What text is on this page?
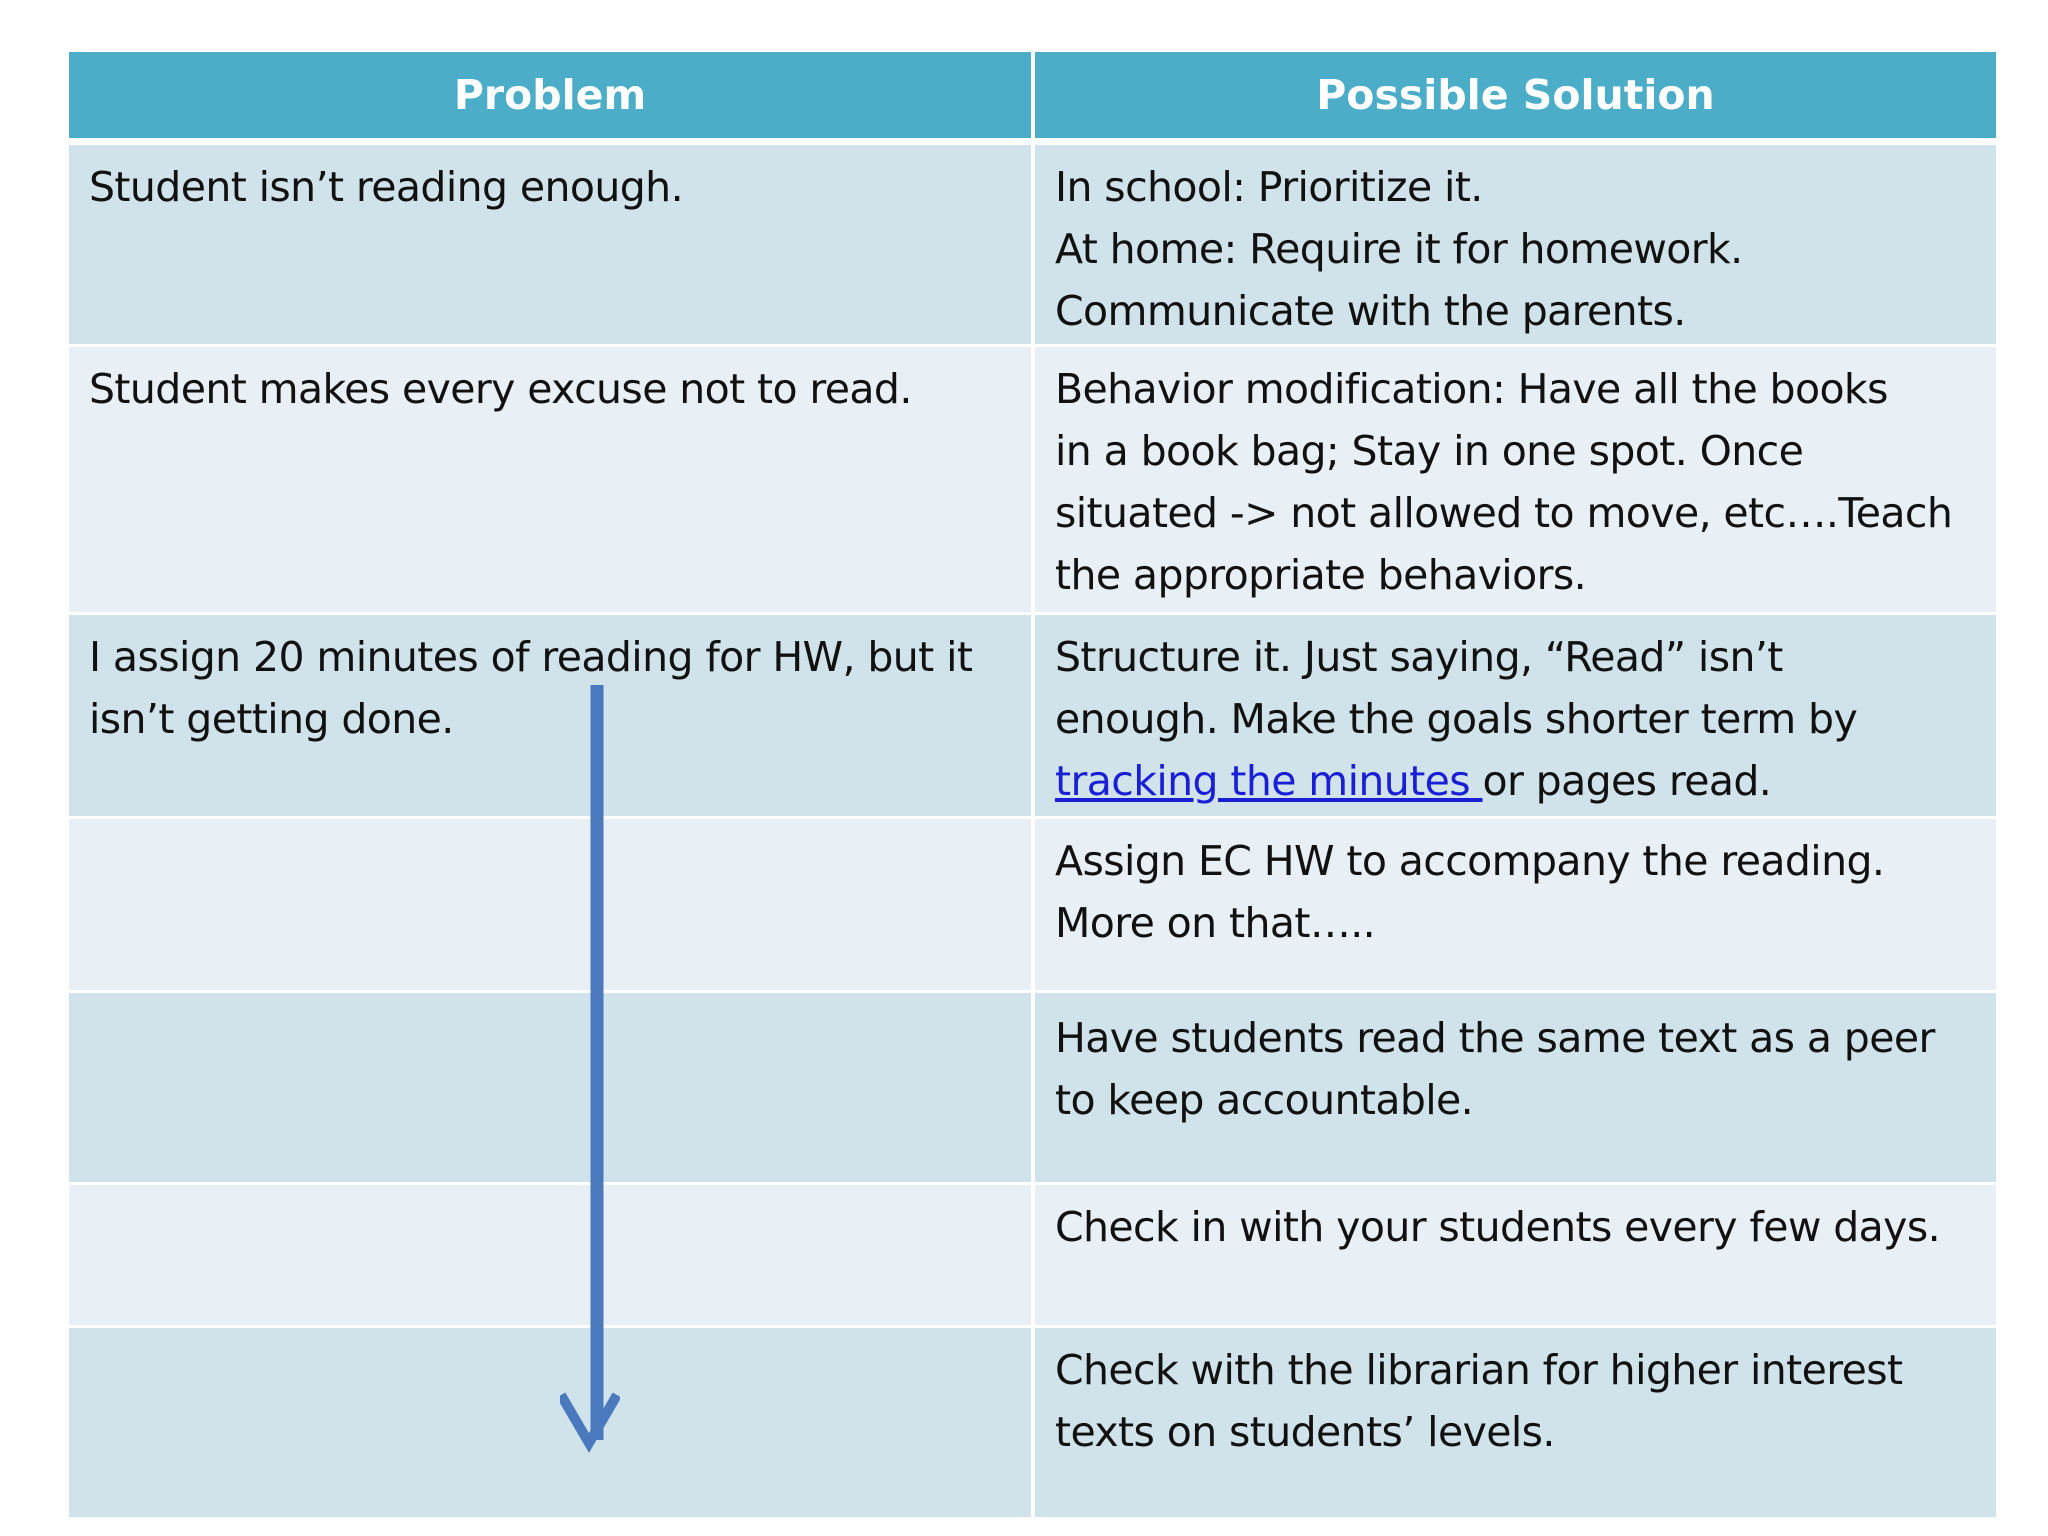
Problem	Possible Solution

Student isn’t reading enough.	In school: Prioritize it.
At home: Require it for homework.
Communicate with the parents.

Student makes every excuse not to read.	Behavior modification: Have all the books
in a book bag; Stay in one spot. Once
situated -> not allowed to move, etc….Teach
the appropriate behaviors.

I assign 20 minutes of reading for HW, but it
isn’t getting done.	Structure it. Just saying, “Read” isn’t
enough. Make the goals shorter term by
tracking the minutes or pages read.

	Assign EC HW to accompany the reading.
More on that…..

	Have students read the same text as a peer
to keep accountable.

	Check in with your students every few days.

	Check with the librarian for higher interest
texts on students’ levels.
